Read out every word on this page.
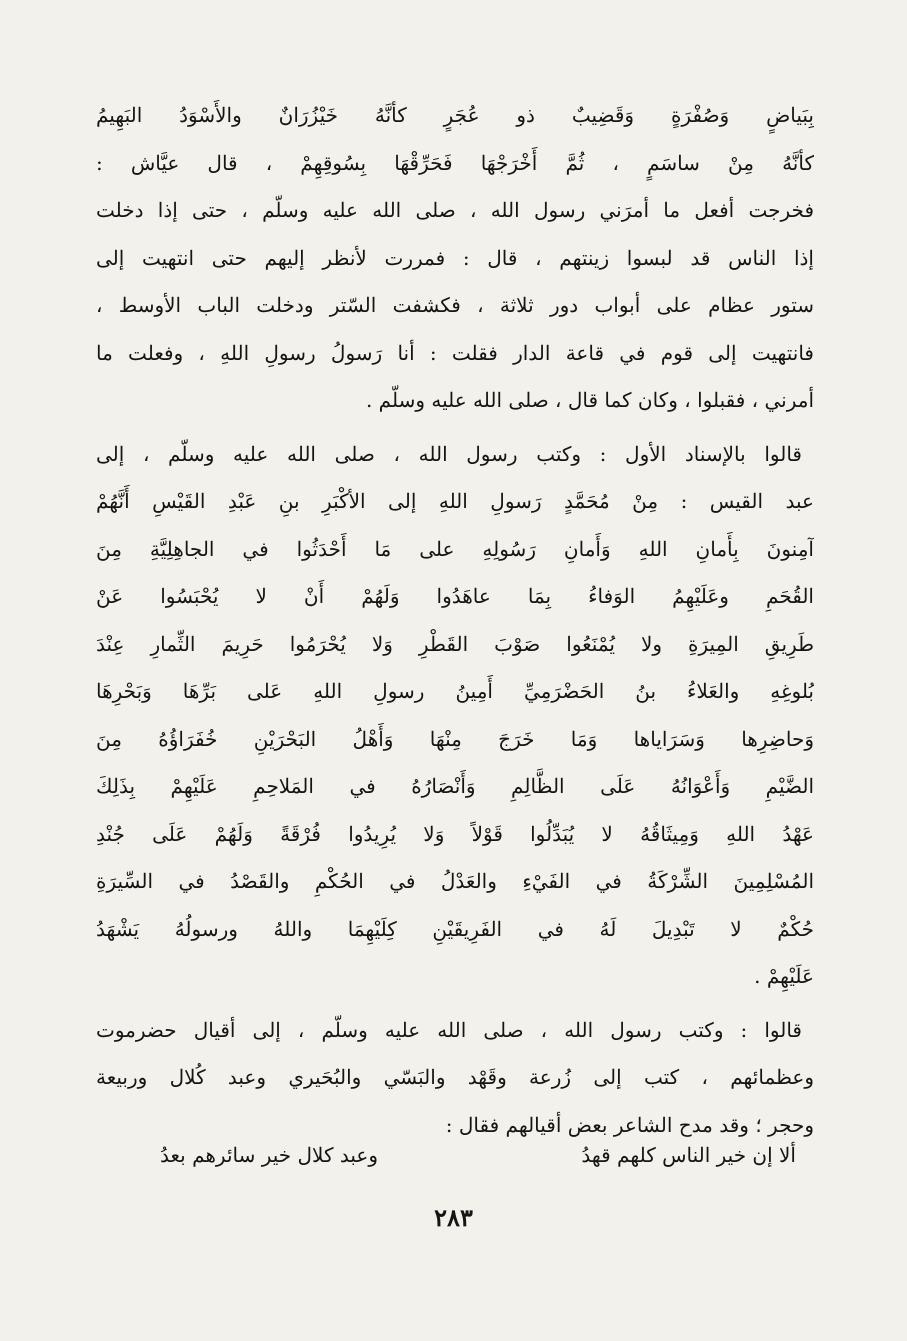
بِبَياضٍ وَصُفْرَةٍ وَقَضِيبٌ ذو عُجَرٍ كأنَّهُ خَيْزُرَانٌ والأَسْوَدُ البَهِيمُ
كأنَّهُ مِنْ ساسَمٍ ، ثُمَّ أَخْرَجْهَا فَحَرِّقْهَا بِسُوقِهِمْ ، قال عيَّاش :
فخرجت أفعل ما أمرَني رسول الله ، صلى الله عليه وسلّم ، حتى إذا دخلت
إذا الناس قد لبسوا زينتهم ، قال : فمررت لأنظر إليهم حتى انتهيت إلى
ستور عظام على أبواب دور ثلاثة ، فكشفت السّتر ودخلت الباب الأوسط ،
فانتهيت إلى قوم في قاعة الدار فقلت : أنا رَسولُ رسولِ اللهِ ، وفعلت ما
أمرني ، فقبلوا ، وكان كما قال ، صلى الله عليه وسلّم .
قالوا بالإسناد الأول : وكتب رسول الله ، صلى الله عليه وسلّم ، إلى
عبد القيس : مِنْ مُحَمَّدٍ رَسولِ اللهِ إلى الأكْبَرِ بنِ عَبْدِ القَيْسِ أَنَّهُمْ
آمِنونَ بِأَمانِ اللهِ وَأَمانِ رَسُولِهِ على مَا أَحْدَثُوا في الجاهِلِيَّةِ مِنَ
القُحَمِ وعَلَيْهِمُ الوَفاءُ بِمَا عاهَدُوا وَلَهُمْ أَنْ لا يُحْبَسُوا عَنْ
طَرِيقِ المِيرَةِ ولا يُمْنَعُوا صَوْبَ القَطْرِ وَلا يُحْرَمُوا حَرِيمَ الثِّمارِ عِنْدَ
بُلوغِهِ والعَلاءُ بنُ الحَضْرَمِيِّ أَمِينُ رسولِ اللهِ عَلى بَرِّهَا وَبَحْرِهَا
وَحاضِرِها وَسَرَاياها وَمَا خَرَجَ مِنْهَا وَأَهْلُ البَحْرَيْنِ خُفَرَاؤُهُ مِنَ
الضَّيْمِ وَأَعْوَانُهُ عَلَى الظَّالِمِ وَأَنْصَارُهُ في المَلاحِمِ عَلَيْهِمْ بِذَلِكَ
عَهْدُ اللهِ وَمِيثَاقُهُ لا يُبَدِّلُوا قَوْلاً وَلا يُرِيدُوا فُرْقَةً وَلَهُمْ عَلَى جُنْدِ
المُسْلِمِينَ الشِّرْكَةُ في الفَيْءِ والعَدْلُ في الحُكْمِ والقَصْدُ في السِّيرَةِ
حُكْمٌ لا تَبْدِيلَ لَهُ في الفَرِيقَيْنِ كِلَيْهِمَا واللهُ ورسولُهُ يَشْهَدُ
عَلَيْهِمْ .
قالوا : وكتب رسول الله ، صلى الله عليه وسلّم ، إلى أقيال حضرموت
وعظمائهم ، كتب إلى زُرعة وقَهْد والبَسّي والبُحَيري وعبد كُلال وربيعة
وحجر ؛ وقد مدح الشاعر بعض أقيالهم فقال :
ألا إن خير الناس كلهم قهدُ
وعبد كلال خير سائرهم بعدُ
٢٨٣
